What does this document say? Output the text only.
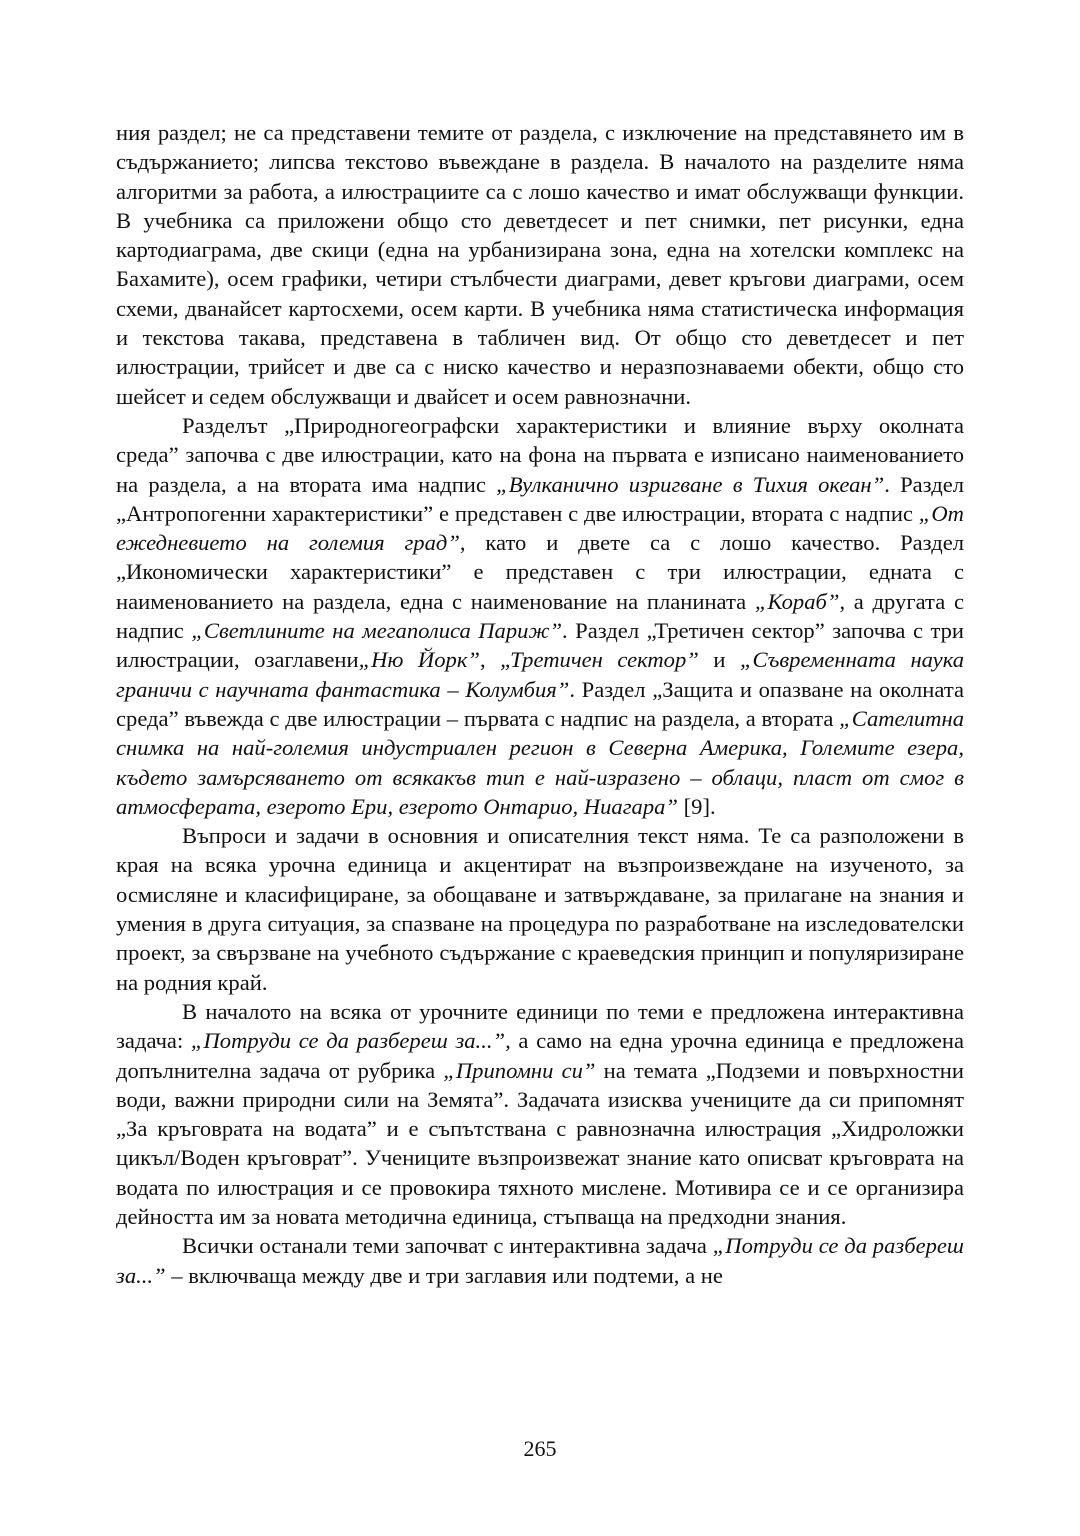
ния раздел; не са представени темите от раздела, с изключение на представянето им в съдържанието; липсва текстово въвеждане в раздела. В началото на разделите няма алгоритми за работа, а илюстрациите са с лошо качество и имат обслужващи функции. В учебника са приложени общо сто деветдесет и пет снимки, пет рисунки, една картодиаграма, две скици (една на урбанизирана зона, една на хотелски комплекс на Бахамите), осем графики, четири стълбчести диаграми, девет кръгови диаграми, осем схеми, дванайсет картосхеми, осем карти. В учебника няма статистическа информация и текстова такава, представена в табличен вид. От общо сто деветдесет и пет илюстрации, трийсет и две са с ниско качество и неразпознаваеми обекти, общо сто шейсет и седем обслужващи и двайсет и осем равнозначни.

Разделът „Природногеографски характеристики и влияние върху околната среда” започва с две илюстрации, като на фона на първата е изписано наименованието на раздела, а на втората има надпис „Вулканично изригване в Тихия океан”. Раздел „Антропогенни характеристики” е представен с две илюстрации, втората с надпис „От ежедневието на големия град”, като и двете са с лошо качество. Раздел „Икономически характеристики” е представен с три илюстрации, едната с наименованието на раздела, една с наименование на планината „Кораб”, а другата с надпис „Светлините на мегаполиса Париж”. Раздел „Третичен сектор” започва с три илюстрации, озаглавени„Ню Йорк”, „Третичен сектор” и „Съвременната наука граничи с научната фантастика – Колумбия”. Раздел „Защита и опазване на околната среда” въвежда с две илюстрации – първата с надпис на раздела, а втората „Сателитна снимка на най-големия индустриален регион в Северна Америка, Големите езера, където замърсяването от всякакъв тип е най-изразено – облаци, пласт от смог в атмосферата, езерото Ери, езерото Онтарио, Ниагара” [9].

Въпроси и задачи в основния и описателния текст няма. Те са разположени в края на всяка урочна единица и акцентират на възпроизвеждане на изученото, за осмисляне и класифициране, за обощаване и затвърждаване, за прилагане на знания и умения в друга ситуация, за спазване на процедура по разработване на изследователски проект, за свързване на учебното съдържание с краеведския принцип и популяризиране на родния край.

В началото на всяка от урочните единици по теми е предложена интерактивна задача: „Потруди се да разбереш за...”, а само на една урочна единица е предложена допълнителна задача от рубрика „Припомни си” на темата „Подземи и повърхностни води, важни природни сили на Земята”. Задачата изисква учениците да си припомнят „За кръговрата на водата” и е съпътствана с равнозначна илюстрация „Хидроложки цикъл/Воден кръговрат”. Учениците възпроизвежат знание като описват кръговрата на водата по илюстрация и се провокира тяхното мислене. Мотивира се и се организира дейността им за новата методична единица, стъпваща на предходни знания.

Всички останали теми започват с интерактивна задача „Потруди се да разбереш за...” – включваща между две и три заглавия или подтеми, а не

265
